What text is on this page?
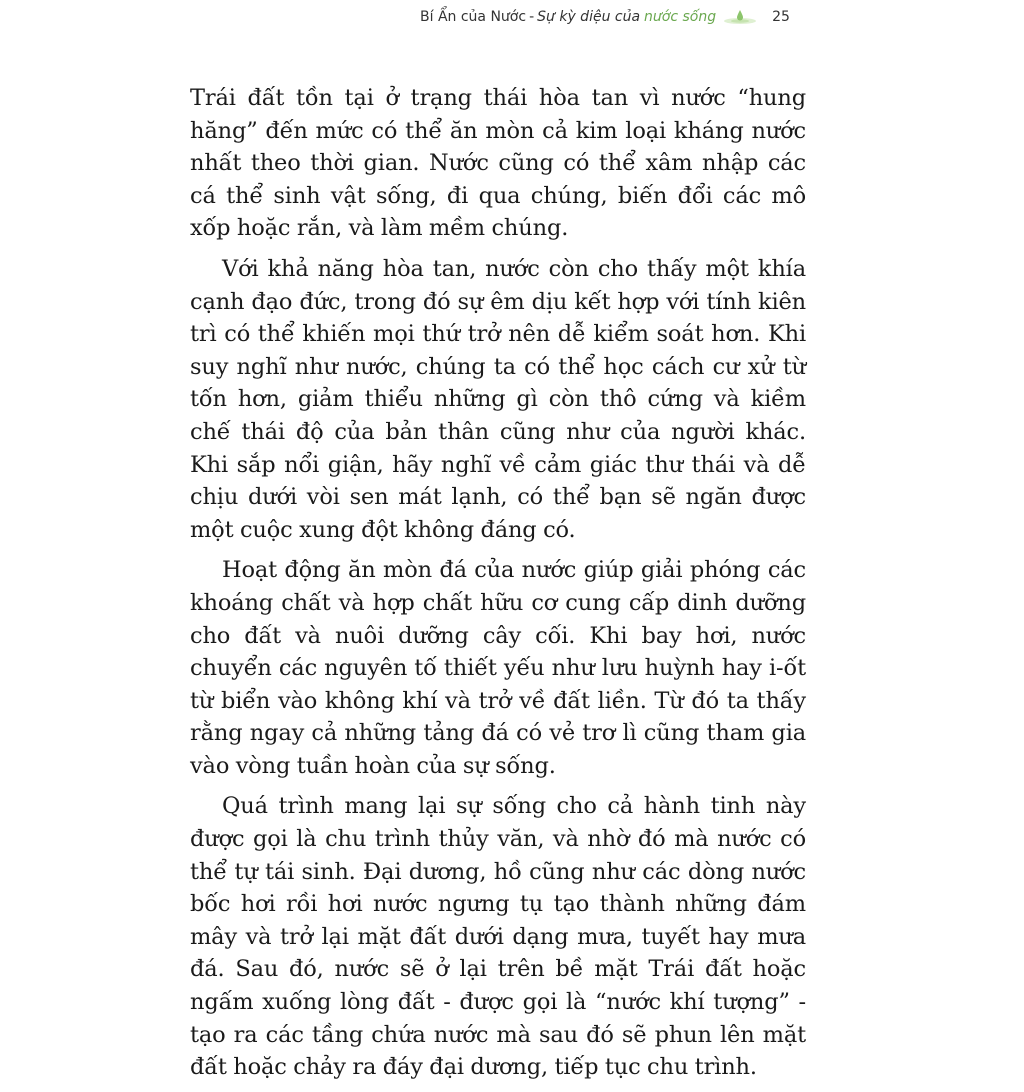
Bí Ẩn của Nước - Sự kỳ diệu của nước sống	25

Trái đất tồn tại ở trạng thái hòa tan vì nước “hung hăng” đến mức có thể ăn mòn cả kim loại kháng nước nhất theo thời gian. Nước cũng có thể xâm nhập các cá thể sinh vật sống, đi qua chúng, biến đổi các mô xốp hoặc rắn, và làm mềm chúng.

Với khả năng hòa tan, nước còn cho thấy một khía cạnh đạo đức, trong đó sự êm dịu kết hợp với tính kiên trì có thể khiến mọi thứ trở nên dễ kiểm soát hơn. Khi suy nghĩ như nước, chúng ta có thể học cách cư xử từ tốn hơn, giảm thiểu những gì còn thô cứng và kiềm chế thái độ của bản thân cũng như của người khác. Khi sắp nổi giận, hãy nghĩ về cảm giác thư thái và dễ chịu dưới vòi sen mát lạnh, có thể bạn sẽ ngăn được một cuộc xung đột không đáng có.

Hoạt động ăn mòn đá của nước giúp giải phóng các khoáng chất và hợp chất hữu cơ cung cấp dinh dưỡng cho đất và nuôi dưỡng cây cối. Khi bay hơi, nước chuyển các nguyên tố thiết yếu như lưu huỳnh hay i-ốt từ biển vào không khí và trở về đất liền. Từ đó ta thấy rằng ngay cả những tảng đá có vẻ trơ lì cũng tham gia vào vòng tuần hoàn của sự sống.

Quá trình mang lại sự sống cho cả hành tinh này được gọi là chu trình thủy văn, và nhờ đó mà nước có thể tự tái sinh. Đại dương, hồ cũng như các dòng nước bốc hơi rồi hơi nước ngưng tụ tạo thành những đám mây và trở lại mặt đất dưới dạng mưa, tuyết hay mưa đá. Sau đó, nước sẽ ở lại trên bề mặt Trái đất hoặc ngấm xuống lòng đất - được gọi là “nước khí tượng” - tạo ra các tầng chứa nước mà sau đó sẽ phun lên mặt đất hoặc chảy ra đáy đại dương, tiếp tục chu trình.
